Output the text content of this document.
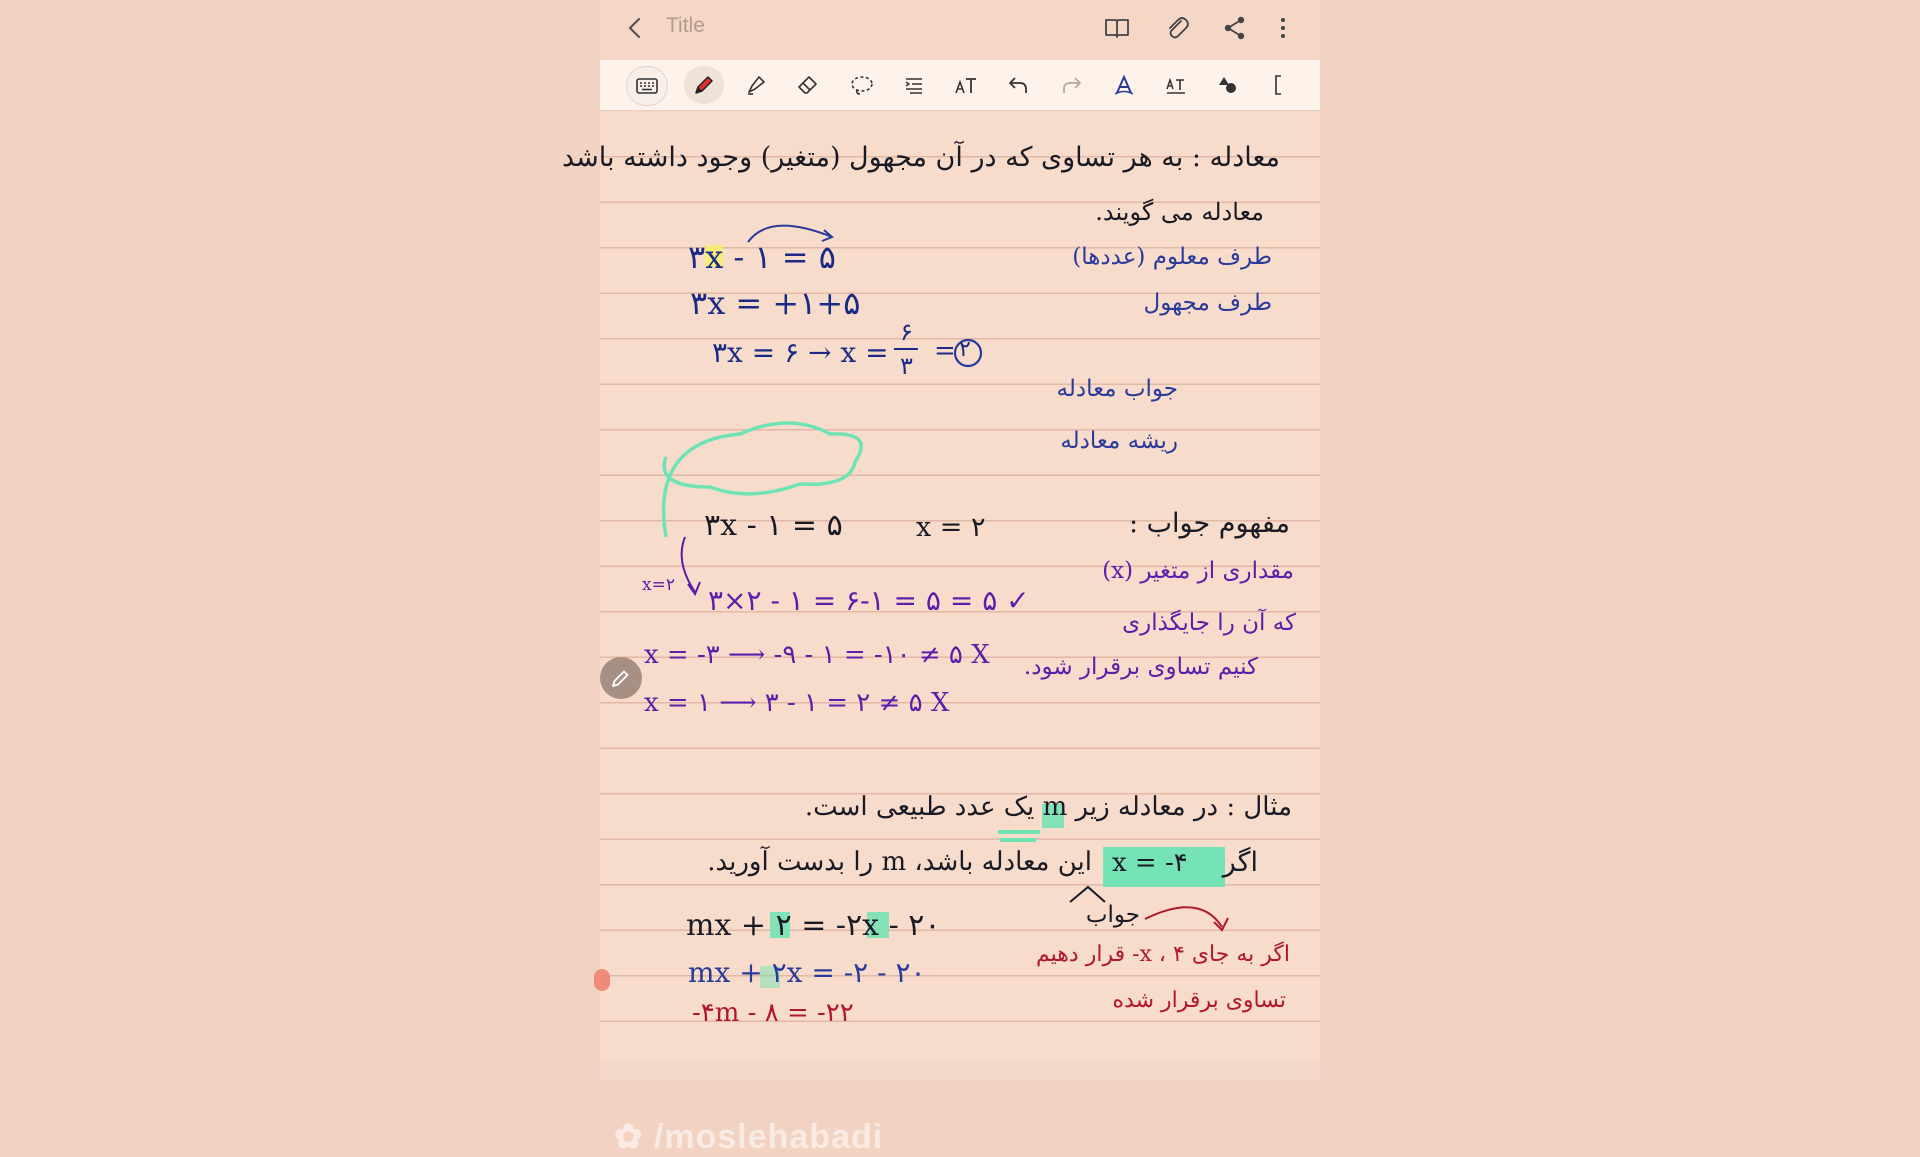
Title
معادله : به هر تساوی که در آن مجهول (متغیر) وجود داشته باشد
معادله می گویند.
۳x - ۱ = ۵
۳x = +۱+۵
۳x = ۶ → x =
۶
۳ = ۲
طرف معلوم (عددها)
طرف مجهول
جواب معادله
ریشه معادله
۳x - ۱ = ۵	x = ۲	مفهوم جواب :
x=۲ ۳×۲ - ۱ = ۶-۱ = ۵ = ۵ ✓
مقداری از متغیر (x)
که آن را جایگذاری
x = -۳ ⟶ -۹ - ۱ = -۱۰ ≠ ۵ X کنیم تساوی برقرار شود.
x = ۱ ⟶ ۳ - ۱ = ۲ ≠ ۵ X
مثال : در معادله زیر m یک عدد طبیعی است.
اگر
x = -۴
این معادله باشد، m را بدست آورید.
mx + ۲ = -۲x - ۲۰
mx + ۲x = -۲ - ۲۰
-۴m - ۸ = -۲۲
جواب
اگر به جای x ، ۴- قرار دهیم
تساوی برقرار شده
✿ /moslehabadi
